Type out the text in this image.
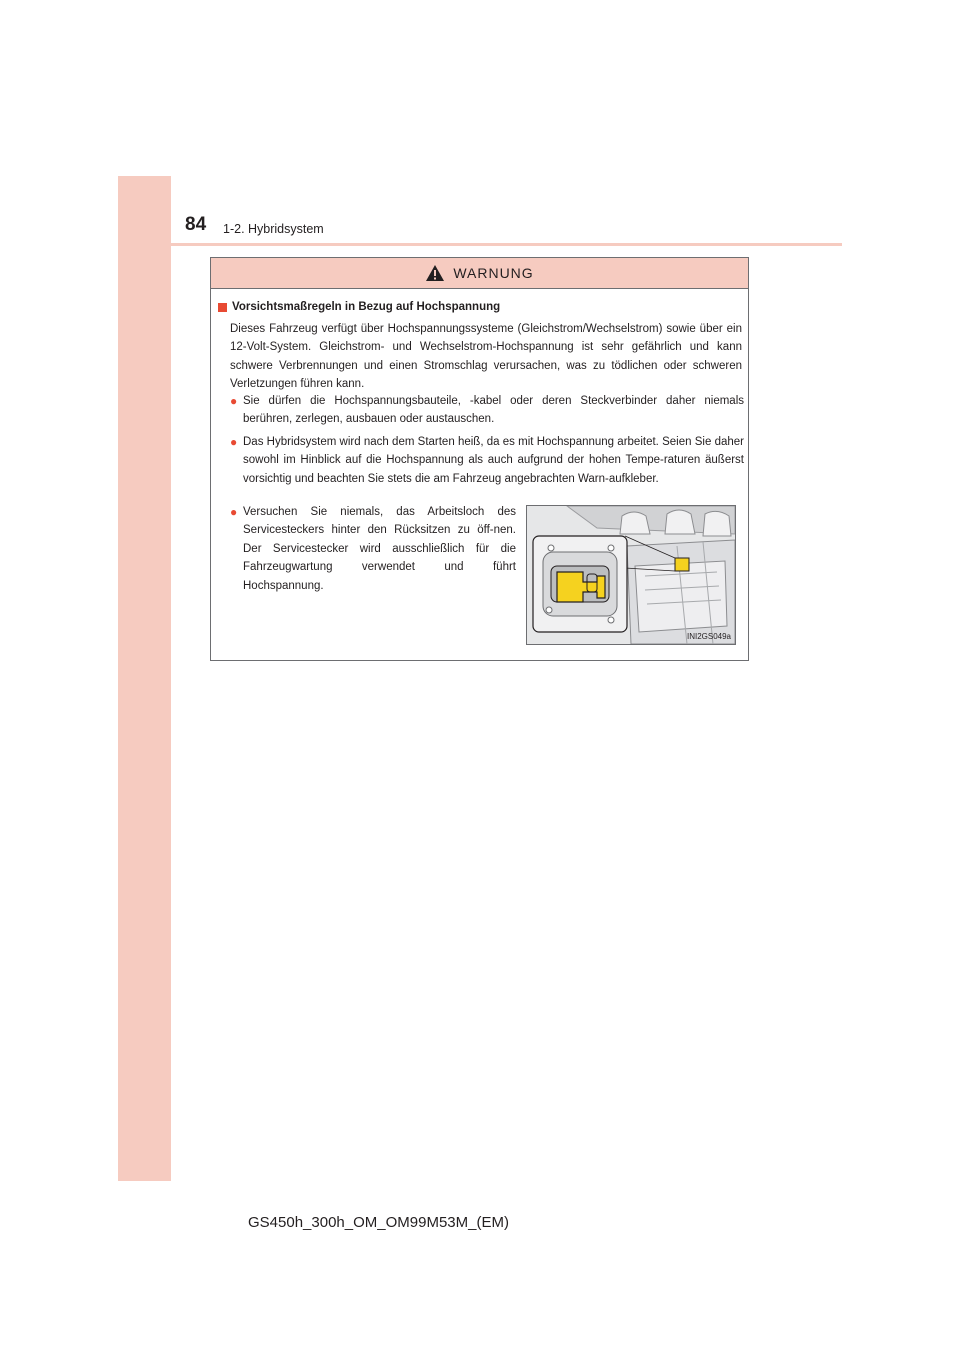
84 1-2. Hybridsystem
WARNUNG
Vorsichtsmaßregeln in Bezug auf Hochspannung

Dieses Fahrzeug verfügt über Hochspannungssysteme (Gleichstrom/Wechselstrom) sowie über ein 12-Volt-System. Gleichstrom- und Wechselstrom-Hochspannung ist sehr gefährlich und kann schwere Verbrennungen und einen Stromschlag verursachen, was zu tödlichen oder schweren Verletzungen führen kann.

● Sie dürfen die Hochspannungsbauteile, -kabel oder deren Steckverbinder daher niemals berühren, zerlegen, ausbauen oder austauschen.
● Das Hybridsystem wird nach dem Starten heiß, da es mit Hochspannung arbeitet. Seien Sie daher sowohl im Hinblick auf die Hochspannung als auch aufgrund der hohen Tempe-raturen äußerst vorsichtig und beachten Sie stets die am Fahrzeug angebrachten Warn-aufkleber.
● Versuchen Sie niemals, das Arbeitsloch des Servicesteckers hinter den Rücksitzen zu öff-nen. Der Servicestecker wird ausschließlich für die Fahrzeugwartung verwendet und führt Hochspannung.
INI2GS049a
GS450h_300h_OM_OM99M53M_(EM)
